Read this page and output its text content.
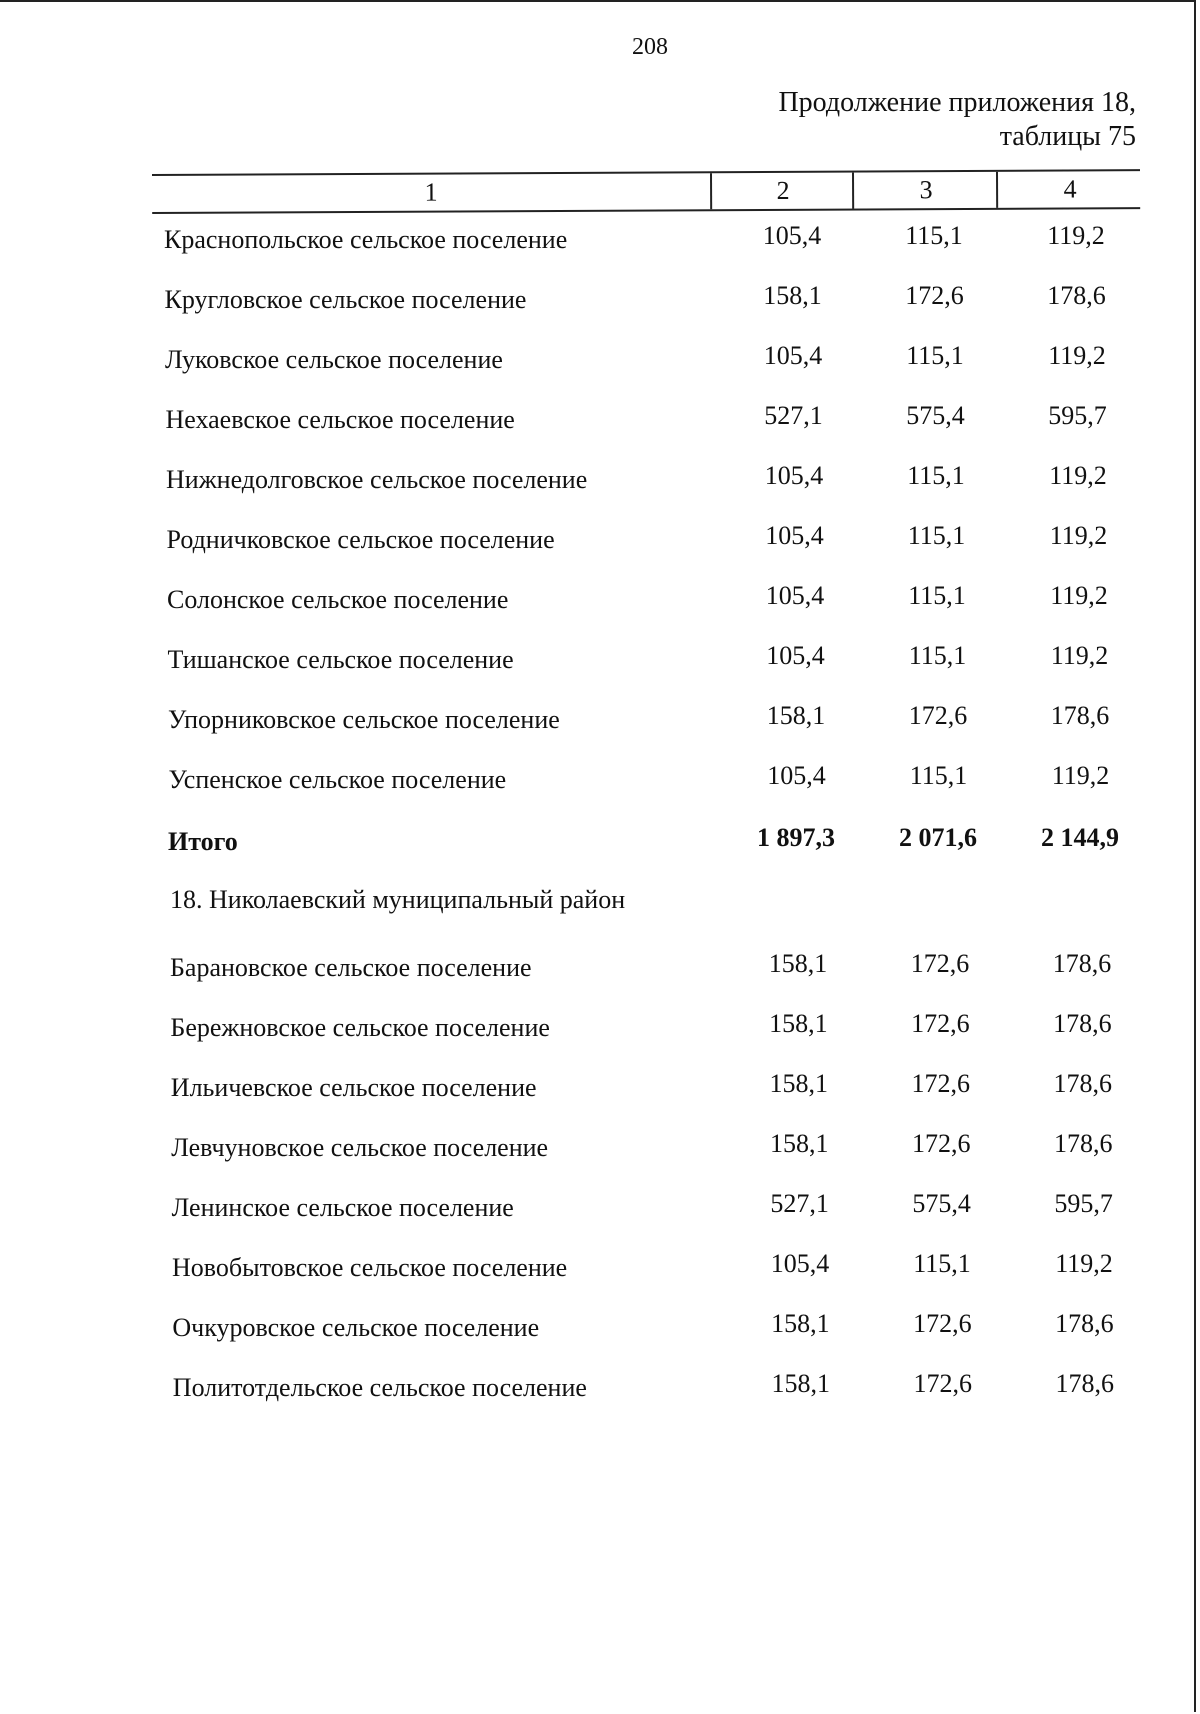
208
Продолжение приложения 18,
таблицы 75
1	2	3	4
Краснопольское сельское поселение	105,4	115,1	119,2
Кругловское сельское поселение	158,1	172,6	178,6
Луковское сельское поселение	105,4	115,1	119,2
Нехаевское сельское поселение	527,1	575,4	595,7
Нижнедолговское сельское поселение	105,4	115,1	119,2
Родничковское сельское поселение	105,4	115,1	119,2
Солонское сельское поселение	105,4	115,1	119,2
Тишанское сельское поселение	105,4	115,1	119,2
Упорниковское сельское поселение	158,1	172,6	178,6
Успенское сельское поселение	105,4	115,1	119,2
Итого	1 897,3	2 071,6	2 144,9
18. Николаевский муниципальный район
Барановское сельское поселение	158,1	172,6	178,6
Бережновское сельское поселение	158,1	172,6	178,6
Ильичевское сельское поселение	158,1	172,6	178,6
Левчуновское сельское поселение	158,1	172,6	178,6
Ленинское сельское поселение	527,1	575,4	595,7
Новобытовское сельское поселение	105,4	115,1	119,2
Очкуровское сельское поселение	158,1	172,6	178,6
Политотдельское сельское поселение	158,1	172,6	178,6
